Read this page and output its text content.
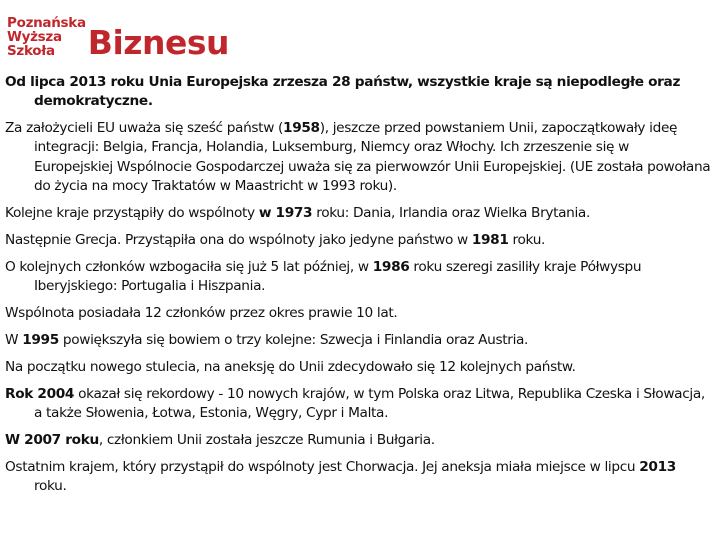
Poznańska
Wyższa
Szkoła	Biznesu

Od lipca 2013 roku Unia Europejska zrzesza 28 państw, wszystkie kraje są niepodległe oraz demokratyczne.

Za założycieli EU uważa się sześć państw (1958), jeszcze przed powstaniem Unii, zapoczątkowały ideę integracji: Belgia, Francja, Holandia, Luksemburg, Niemcy oraz Włochy. Ich zrzeszenie się w Europejskiej Wspólnocie Gospodarczej uważa się za pierwowzór Unii Europejskiej. (UE została powołana do życia na mocy Traktatów w Maastricht w 1993 roku).

Kolejne kraje przystąpiły do wspólnoty w 1973 roku: Dania, Irlandia oraz Wielka Brytania.

Następnie Grecja. Przystąpiła ona do wspólnoty jako jedyne państwo w 1981 roku.

O kolejnych członków wzbogaciła się już 5 lat później, w 1986 roku szeregi zasiliły kraje Półwyspu Iberyjskiego: Portugalia i Hiszpania.

Wspólnota posiadała 12 członków przez okres prawie 10 lat.

W 1995 powiększyła się bowiem o trzy kolejne: Szwecja i Finlandia oraz Austria.

Na początku nowego stulecia, na aneksję do Unii zdecydowało się 12 kolejnych państw.

Rok 2004 okazał się rekordowy - 10 nowych krajów, w tym Polska oraz Litwa, Republika Czeska i Słowacja, a także Słowenia, Łotwa, Estonia, Węgry, Cypr i Malta.

W 2007 roku, członkiem Unii została jeszcze Rumunia i Bułgaria.

Ostatnim krajem, który przystąpił do wspólnoty jest Chorwacja. Jej aneksja miała miejsce w lipcu 2013 roku.
